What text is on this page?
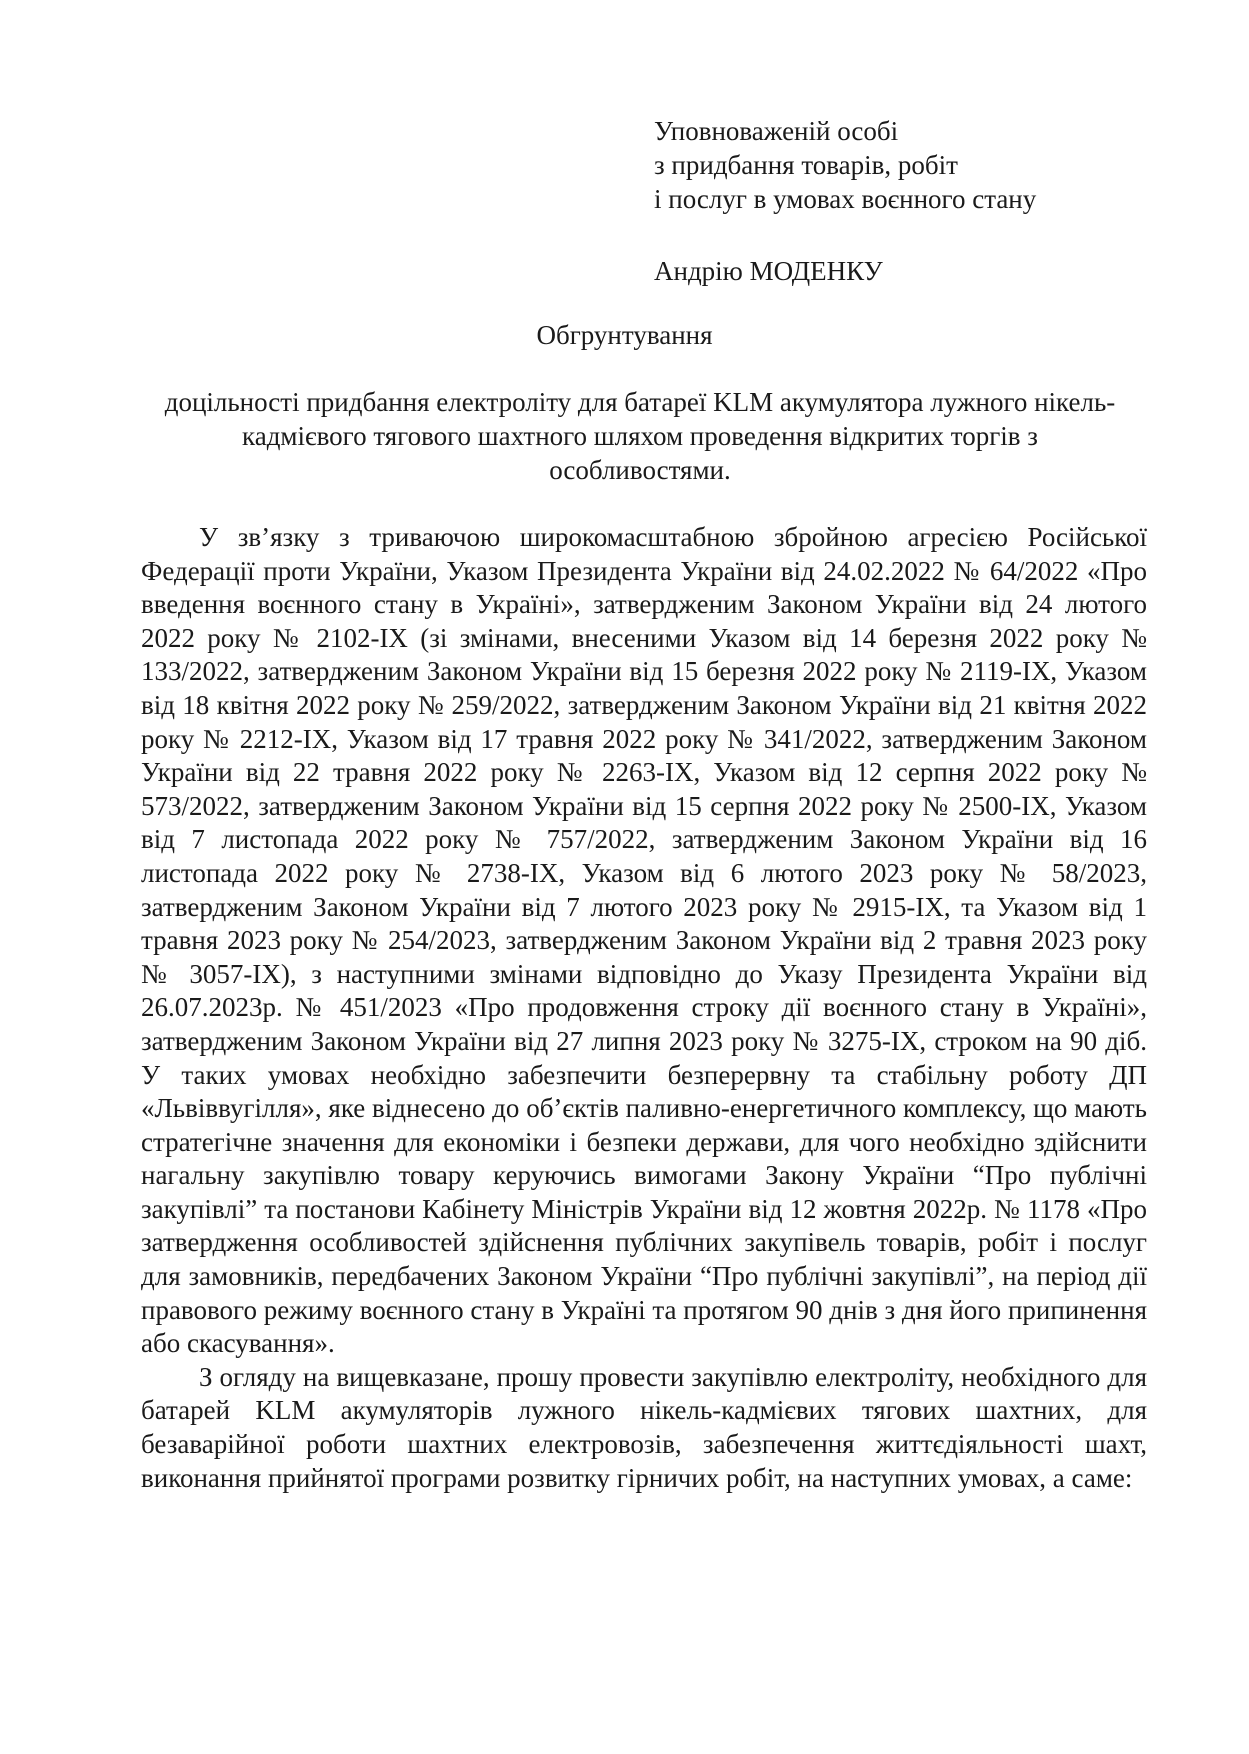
Уповноваженій особі
з придбання товарів, робіт
і послуг в умовах воєнного стану
Андрію МОДЕНКУ
Обгрунтування
доцільності придбання електроліту для батареї KLM акумулятора лужного нікель-кадмієвого тягового шахтного шляхом проведення відкритих торгів з особливостями.

У зв’язку з триваючою широкомасштабною збройною агресією Російської Федерації проти України, Указом Президента України від 24.02.2022 № 64/2022 «Про введення воєнного стану в Україні», затвердженим Законом України від 24 лютого 2022 року № 2102-IX (зі змінами, внесеними Указом від 14 березня 2022 року № 133/2022, затвердженим Законом України від 15 березня 2022 року № 2119-IX, Указом від 18 квітня 2022 року № 259/2022, затвердженим Законом України від 21 квітня 2022 року № 2212-IX, Указом від 17 травня 2022 року № 341/2022, затвердженим Законом України від 22 травня 2022 року № 2263-IX, Указом від 12 серпня 2022 року № 573/2022, затвердженим Законом України від 15 серпня 2022 року № 2500-IX, Указом від 7 листопада 2022 року № 757/2022, затвердженим Законом України від 16 листопада 2022 року № 2738-IX, Указом від 6 лютого 2023 року № 58/2023, затвердженим Законом України від 7 лютого 2023 року № 2915-IX, та Указом від 1 травня 2023 року № 254/2023, затвердженим Законом України від 2 травня 2023 року № 3057-IX), з наступними змінами відповідно до Указу Президента України від 26.07.2023р. № 451/2023 «Про продовження строку дії воєнного стану в Україні», затвердженим Законом України від 27 липня 2023 року № 3275-IX, строком на 90 діб. У таких умовах необхідно забезпечити безперервну та стабільну роботу ДП «Львіввугілля», яке віднесено до об’єктів паливно-енергетичного комплексу, що мають стратегічне значення для економіки і безпеки держави, для чого необхідно здійснити нагальну закупівлю товару керуючись вимогами Закону України “Про публічні закупівлі” та постанови Кабінету Міністрів України від 12 жовтня 2022р. № 1178 «Про затвердження особливостей здійснення публічних закупівель товарів, робіт і послуг для замовників, передбачених Законом України “Про публічні закупівлі”, на період дії правового режиму воєнного стану в Україні та протягом 90 днів з дня його припинення або скасування».

З огляду на вищевказане, прошу провести закупівлю електроліту, необхідного для батарей KLM акумуляторів лужного нікель-кадмієвих тягових шахтних, для безаварійної роботи шахтних електровозів, забезпечення життєдіяльності шахт, виконання прийнятої програми розвитку гірничих робіт, на наступних умовах, а саме:
